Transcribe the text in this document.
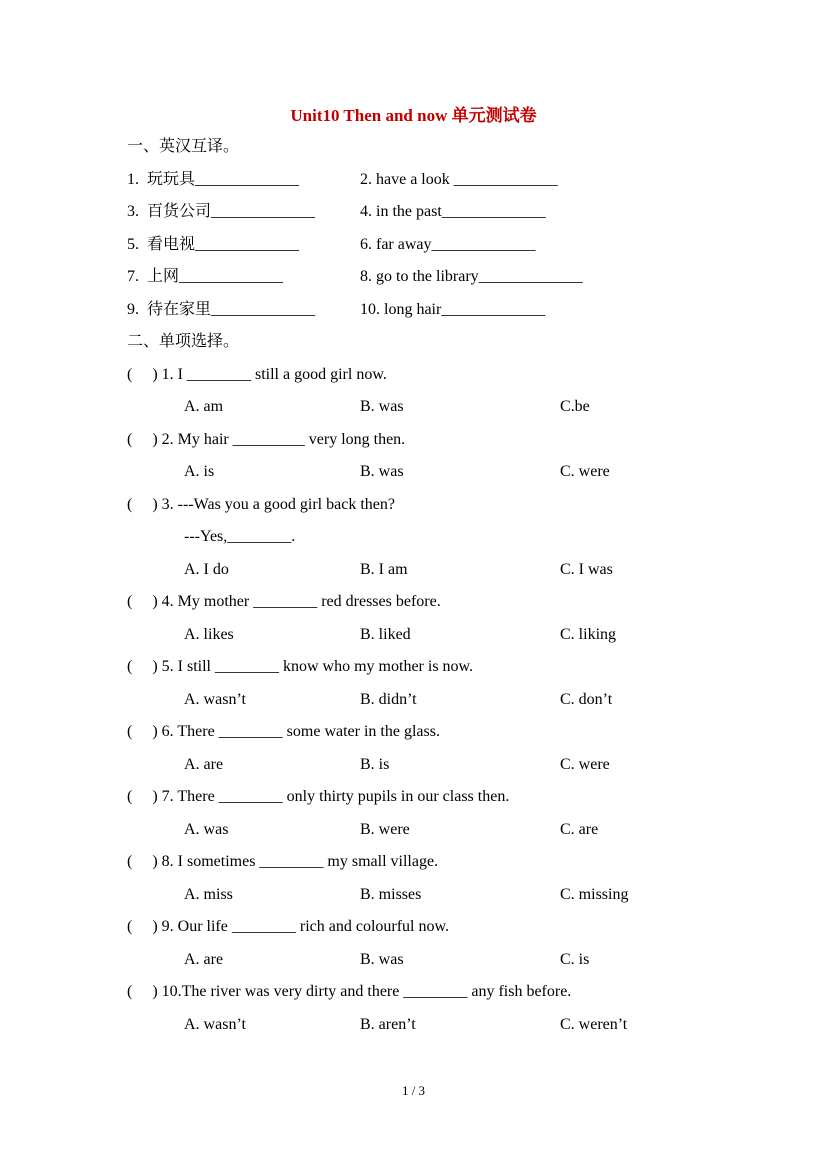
Unit10 Then and now 单元测试卷
一、英汉互译。
1.  玩玩具_____________	2. have a look _____________
3.  百货公司_____________	4. in the past_____________
5.  看电视_____________	6. far away_____________
7.  上网_____________	8. go to the library_____________
9.  待在家里_____________	10. long hair_____________
二、单项选择。
(     ) 1. I ________ still a good girl now.
A. am	B. was	C.be
(     ) 2. My hair _________ very long then.
A. is	B. was	C. were
(     ) 3. ---Was you a good girl back then?
---Yes,________.
A. I do	B. I am	C. I was
(     ) 4. My mother ________ red dresses before.
A. likes	B. liked	C. liking
(     ) 5. I still ________ know who my mother is now.
A. wasn’t	B. didn’t	C. don’t
(     ) 6. There ________ some water in the glass.
A. are	B. is	C. were
(     ) 7. There ________ only thirty pupils in our class then.
A. was	B. were	C. are
(     ) 8. I sometimes ________ my small village.
A. miss	B. misses	C. missing
(     ) 9. Our life ________ rich and colourful now.
A. are	B. was	C. is
(     ) 10.The river was very dirty and there ________ any fish before.
A. wasn’t	B. aren’t	C. weren’t
1 / 3
